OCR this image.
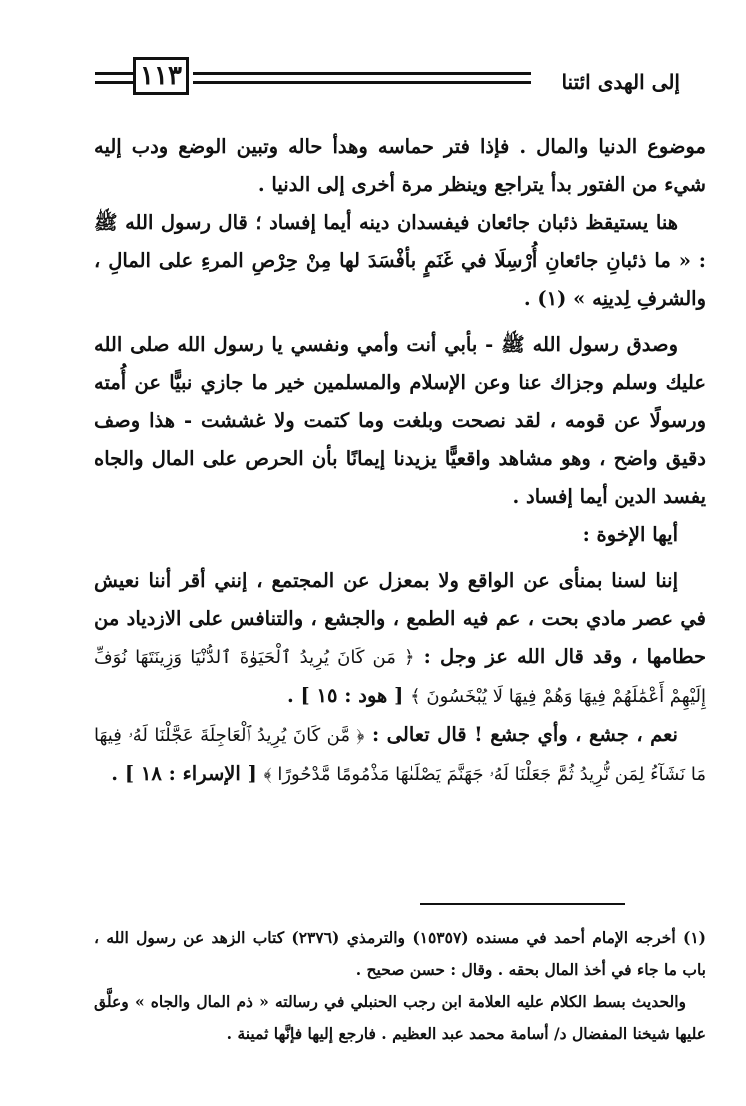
١١٣	إلى الهدى ائتنا

موضوع الدنيا والمال . فإذا فتر حماسه وهدأ حاله وتبين الوضع ودب إليه شيء من الفتور بدأ يتراجع وينظر مرة أخرى إلى الدنيا .

هنا يستيقظ ذئبان جائعان فيفسدان دينه أيما إفساد ؛ قال رسول الله ﷺ : « ما ذئبانِ جائعانِ أُرْسِلَا في غَنَمٍ بأفْسَدَ لها مِنْ حِرْصِ المرءِ على المالِ ، والشرفِ لِدينِه » (١) .

وصدق رسول الله ﷺ - بأبي أنت وأمي ونفسي يا رسول الله صلى الله عليك وسلم وجزاك عنا وعن الإسلام والمسلمين خير ما جازي نبيًّا عن أُمته ورسولًا عن قومه ، لقد نصحت وبلغت وما كتمت ولا غششت - هذا وصف دقيق واضح ، وهو مشاهد واقعيًّا يزيدنا إيمانًا بأن الحرص على المال والجاه يفسد الدين أيما إفساد .

أيها الإخوة :

إننا لسنا بمنأى عن الواقع ولا بمعزل عن المجتمع ، إنني أقر أننا نعيش في عصر مادي بحت ، عم فيه الطمع ، والجشع ، والتنافس على الازدياد من حطامها ، وقد قال الله عز وجل : ﴿ مَن كَانَ يُرِيدُ ٱلْحَيَوٰةَ ٱلدُّنْيَا وَزِينَتَهَا نُوَفِّ إِلَيْهِمْ أَعْمَٰلَهُمْ فِيهَا وَهُمْ فِيهَا لَا يُبْخَسُونَ ﴾ [ هود : ١٥ ] .

نعم ، جشع ، وأي جشع ! قال تعالى : ﴿ مَّن كَانَ يُرِيدُ ٱلْعَاجِلَةَ عَجَّلْنَا لَهُۥ فِيهَا مَا نَشَآءُ لِمَن نُّرِيدُ ثُمَّ جَعَلْنَا لَهُۥ جَهَنَّمَ يَصْلَىٰهَا مَذْمُومًا مَّدْحُورًا ﴾ [ الإسراء : ١٨ ] .

(١) أخرجه الإمام أحمد في مسنده (١٥٣٥٧) والترمذي (٢٣٧٦) كتاب الزهد عن رسول الله ، باب ما جاء في أخذ المال بحقه . وقال : حسن صحيح .

والحديث بسط الكلام عليه العلامة ابن رجب الحنبلي في رسالته « ذم المال والجاه » وعلَّق عليها شيخنا المفضال د/ أسامة محمد عبد العظيم . فارجع إليها فإنَّها ثمينة .
